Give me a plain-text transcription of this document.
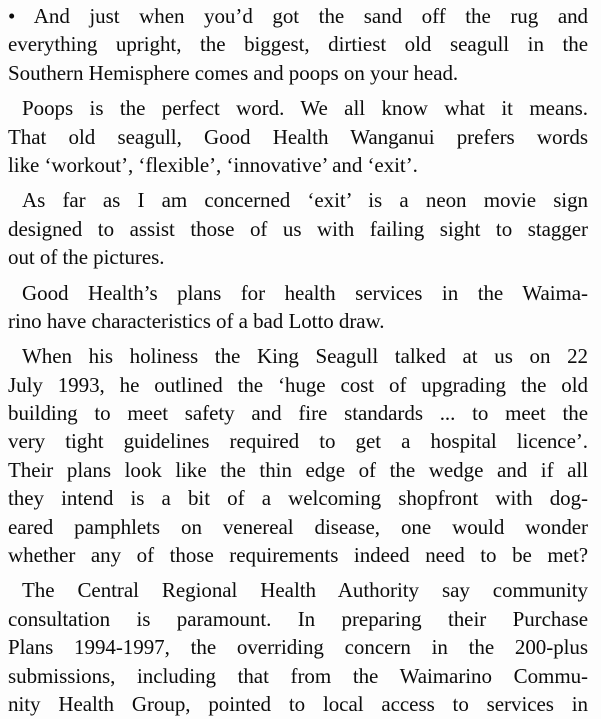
• And just when you’d got the sand off the rug and
everything upright, the biggest, dirtiest old seagull in the
Southern Hemisphere comes and poops on your head.
Poops is the perfect word. We all know what it means.
That old seagull, Good Health Wanganui prefers words
like ‘workout’, ‘flexible’, ‘innovative’ and ‘exit’.
As far as I am concerned ‘exit’ is a neon movie sign
designed to assist those of us with failing sight to stagger
out of the pictures.
Good Health’s plans for health services in the Waima-
rino have characteristics of a bad Lotto draw.
When his holiness the King Seagull talked at us on 22
July 1993, he outlined the ‘huge cost of upgrading the old
building to meet safety and fire standards ... to meet the
very tight guidelines required to get a hospital licence’.
Their plans look like the thin edge of the wedge and if all
they intend is a bit of a welcoming shopfront with dog-
eared pamphlets on venereal disease, one would wonder
whether any of those requirements indeed need to be met?
The Central Regional Health Authority say community
consultation is paramount. In preparing their Purchase
Plans 1994-1997, the overriding concern in the 200-plus
submissions, including that from the Waimarino Commu-
nity Health Group, pointed to local access to services in
